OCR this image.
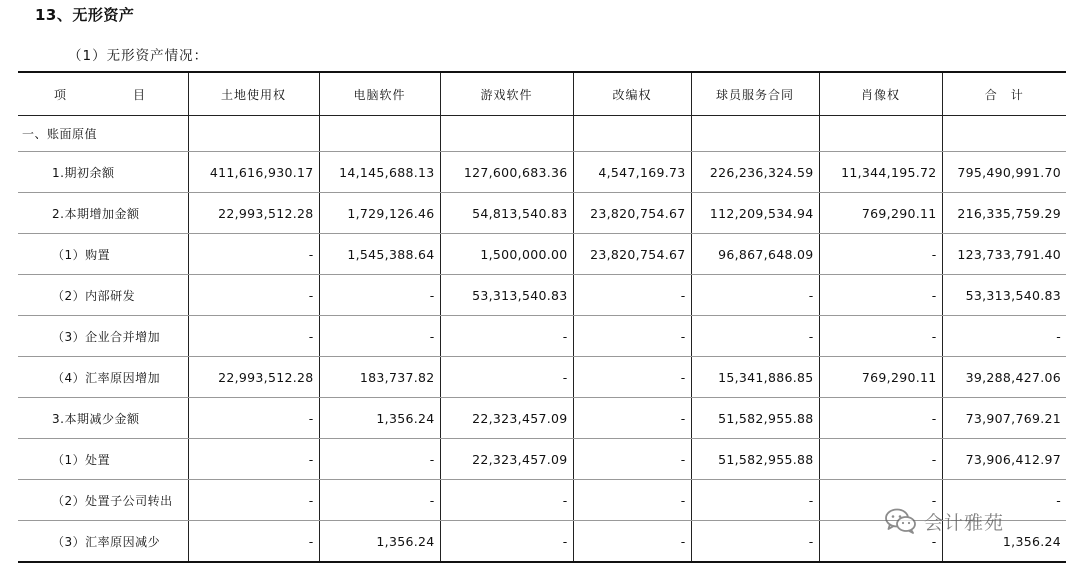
13、无形资产
（1）无形资产情况：
项 目	土地使用权	电脑软件	游戏软件	改编权	球员服务合同	肖像权	合　计
一、账面原值							
1.期初余额	411,616,930.17	14,145,688.13	127,600,683.36	4,547,169.73	226,236,324.59	11,344,195.72	795,490,991.70
2.本期增加金额	22,993,512.28	1,729,126.46	54,813,540.83	23,820,754.67	112,209,534.94	769,290.11	216,335,759.29
（1）购置	-	1,545,388.64	1,500,000.00	23,820,754.67	96,867,648.09	-	123,733,791.40
（2）内部研发	-	-	53,313,540.83	-	-	-	53,313,540.83
（3）企业合并增加	-	-	-	-	-	-	-
（4）汇率原因增加	22,993,512.28	183,737.82	-	-	15,341,886.85	769,290.11	39,288,427.06
3.本期减少金额	-	1,356.24	22,323,457.09	-	51,582,955.88	-	73,907,769.21
（1）处置	-	-	22,323,457.09	-	51,582,955.88	-	73,906,412.97
（2）处置子公司转出	-	-	-	-	-	-	-
（3）汇率原因减少	-	1,356.24	-	-	-	-	1,356.24
会计雅苑
